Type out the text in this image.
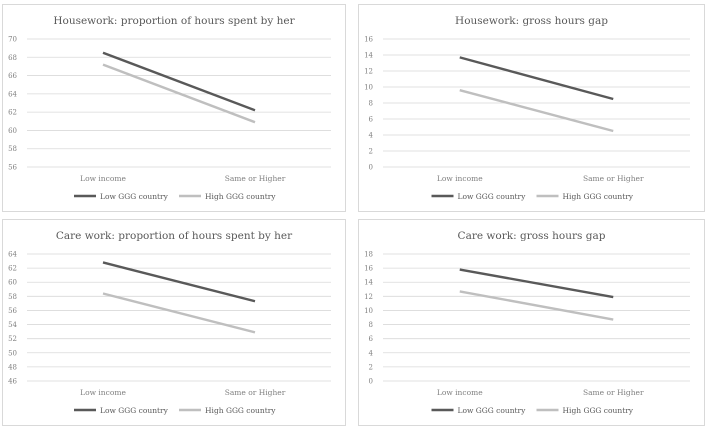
Housework: proportion of hours spent by her
56
58
60
62
64
66
68
70
Low income	Same or Higher
Low GGG country	High GGG country
Housework: gross hours gap
0
2
4
6
8
10
12
14
16
Low income	Same or Higher
Low GGG country	High GGG country
Care work: proportion of hours spent by her
46
48
50
52
54
56
58
60
62
64
Low income	Same or Higher
Low GGG country	High GGG country
Care work: gross hours gap
0
2
4
6
8
10
12
14
16
18
Low income	Same or Higher
Low GGG country	High GGG country
